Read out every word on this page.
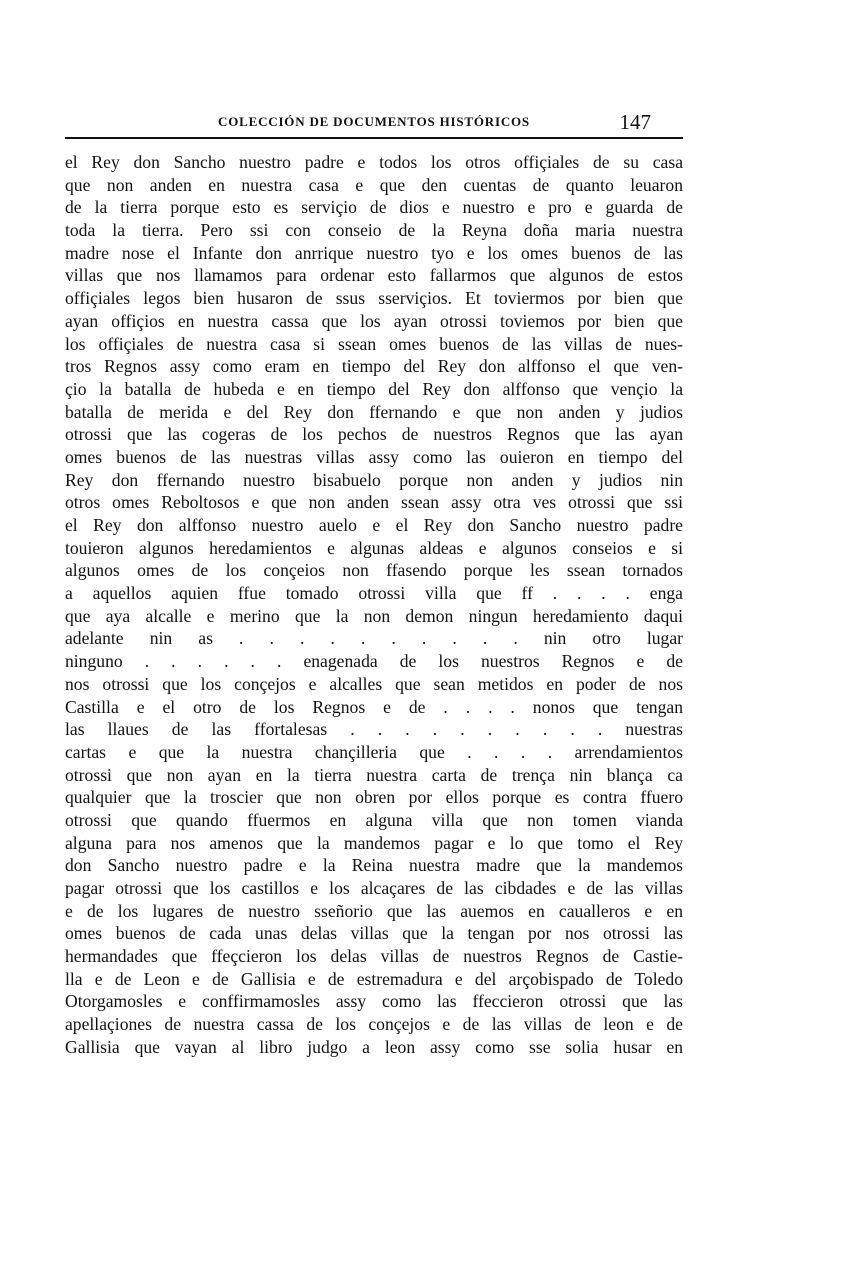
COLECCIÓN DE DOCUMENTOS HISTÓRICOS	147
el Rey don Sancho nuestro padre e todos los otros offiçiales de su casa
que non anden en nuestra casa e que den cuentas de quanto leuaron
de la tierra porque esto es serviçio de dios e nuestro e pro e guarda de
toda la tierra. Pero ssi con conseio de la Reyna doña maria nuestra
madre nose el Infante don anrrique nuestro tyo e los omes buenos de las
villas que nos llamamos para ordenar esto fallarmos que algunos de estos
offiçiales legos bien husaron de ssus sserviçios. Et toviermos por bien que
ayan offiçios en nuestra cassa que los ayan otrossi toviemos por bien que
los offiçiales de nuestra casa si ssean omes buenos de las villas de nues-
tros Regnos assy como eram en tiempo del Rey don alffonso el que ven-
çio la batalla de hubeda e en tiempo del Rey don alffonso que vençio la
batalla de merida e del Rey don ffernando e que non anden y judios
otrossi que las cogeras de los pechos de nuestros Regnos que las ayan
omes buenos de las nuestras villas assy como las ouieron en tiempo del
Rey don ffernando nuestro bisabuelo porque non anden y judios nin
otros omes Reboltosos e que non anden ssean assy otra ves otrossi que ssi
el Rey don alffonso nuestro auelo e el Rey don Sancho nuestro padre
touieron algunos heredamientos e algunas aldeas e algunos conseios e si
algunos omes de los conçeios non ffasendo porque les ssean tornados
a aquellos aquien ffue tomado otrossi villa que ff . . . . enga
que aya alcalle e merino que la non demon ningun heredamiento daqui
adelante nin as . . . . . . . . . . nin otro lugar
ninguno . . . . . . enagenada de los nuestros Regnos e de
nos otrossi que los conçejos e alcalles que sean metidos en poder de nos
Castilla e el otro de los Regnos e de . . . . nonos que tengan
las llaues de las ffortalesas . . . . . . . . . . nuestras
cartas e que la nuestra chançilleria que . . . . arrendamientos
otrossi que non ayan en la tierra nuestra carta de trença nin blança ca
qualquier que la troscier que non obren por ellos porque es contra ffuero
otrossi que quando ffuermos en alguna villa que non tomen vianda
alguna para nos amenos que la mandemos pagar e lo que tomo el Rey
don Sancho nuestro padre e la Reina nuestra madre que la mandemos
pagar otrossi que los castillos e los alcaçares de las cibdades e de las villas
e de los lugares de nuestro sseñorio que las auemos en caualleros e en
omes buenos de cada unas delas villas que la tengan por nos otrossi las
hermandades que ffeçcieron los delas villas de nuestros Regnos de Castie-
lla e de Leon e de Gallisia e de estremadura e del arçobispado de Toledo
Otorgamosles e conffirmamosles assy como las ffeccieron otrossi que las
apellaçiones de nuestra cassa de los conçejos e de las villas de leon e de
Gallisia que vayan al libro judgo a leon assy como sse solia husar en
